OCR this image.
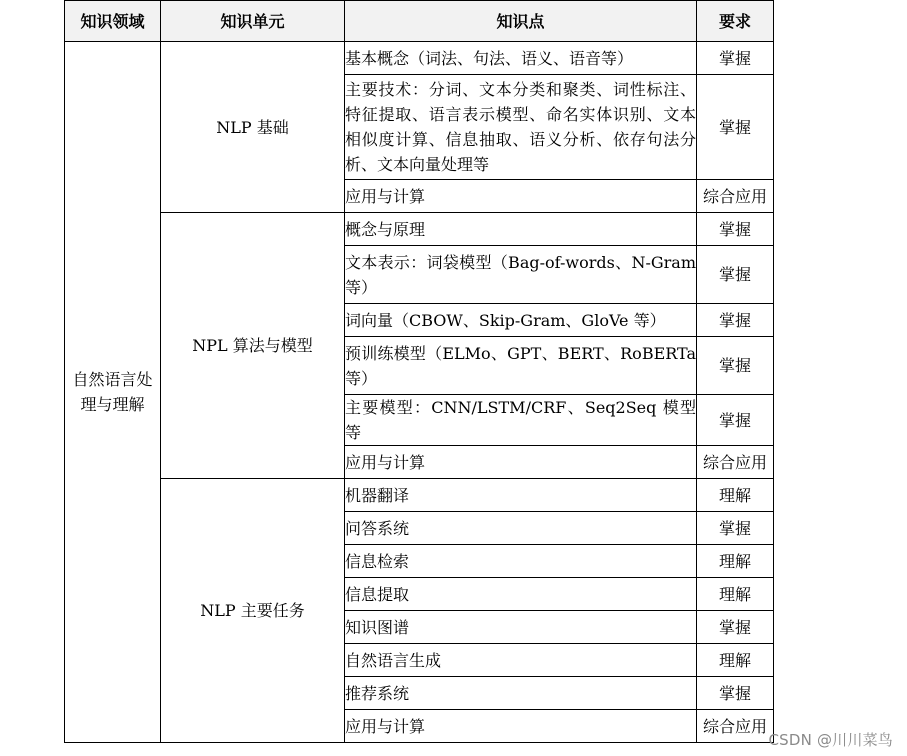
知识领域	知识单元	知识点	要求
自然语言处理与理解	NLP 基础	基本概念（词法、句法、语义、语音等）	掌握
		主要技术：分词、文本分类和聚类、词性标注、特征提取、语言表示模型、命名实体识别、文本相似度计算、信息抽取、语义分析、依存句法分析、文本向量处理等	掌握
		应用与计算	综合应用
	NPL 算法与模型	概念与原理	掌握
		文本表示：词袋模型（Bag-of-words、N-Gram等）	掌握
		词向量（CBOW、Skip-Gram、GloVe 等）	掌握
		预训练模型（ELMo、GPT、BERT、RoBERTa等）	掌握
		主要模型：CNN/LSTM/CRF、Seq2Seq 模型等	掌握
		应用与计算	综合应用
	NLP 主要任务	机器翻译	理解
		问答系统	掌握
		信息检索	理解
		信息提取	理解
		知识图谱	掌握
		自然语言生成	理解
		推荐系统	掌握
		应用与计算	综合应用
CSDN @川川菜鸟
